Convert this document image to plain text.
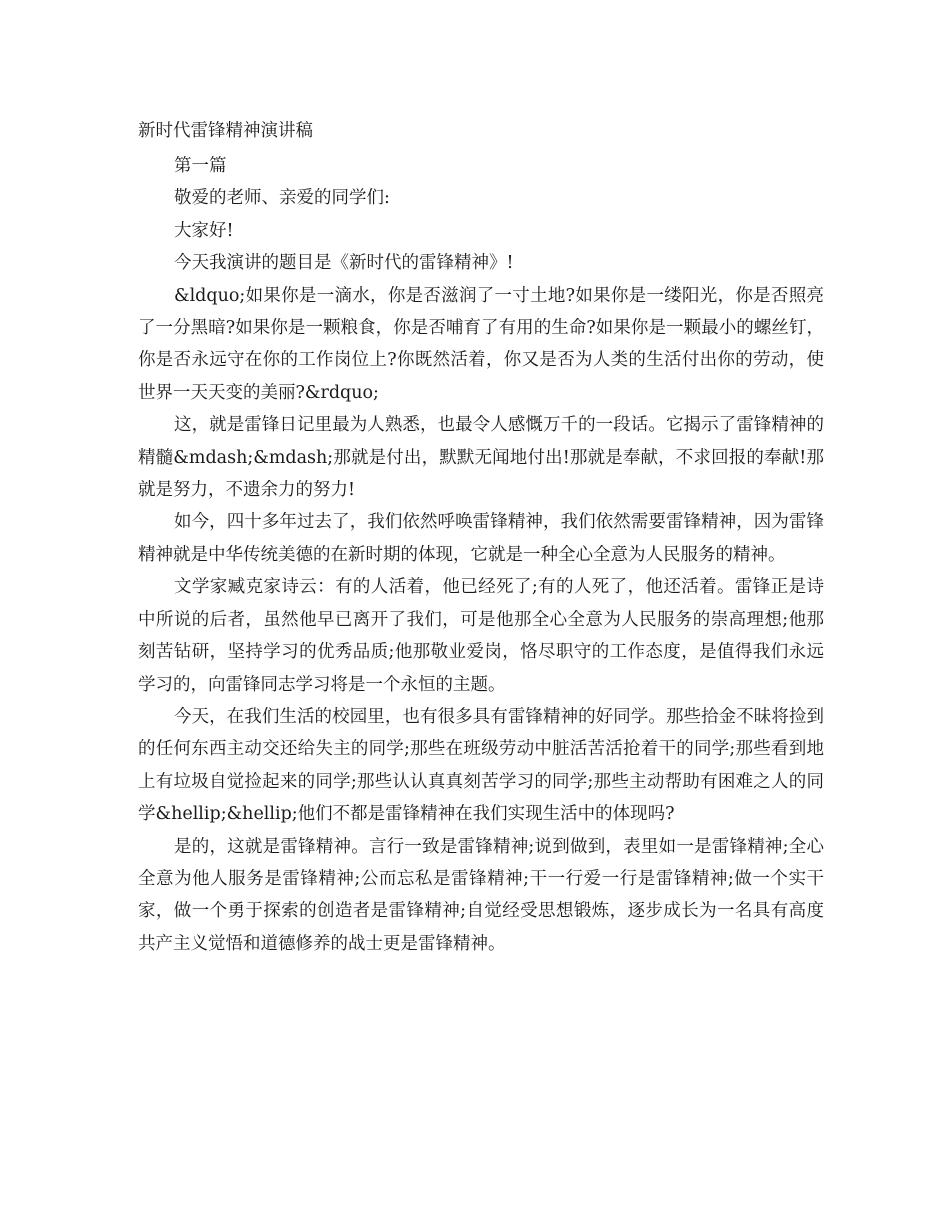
新时代雷锋精神演讲稿

第一篇

敬爱的老师、亲爱的同学们:

大家好!

今天我演讲的题目是《新时代的雷锋精神》!

&ldquo;如果你是一滴水，你是否滋润了一寸土地?如果你是一缕阳光，你是否照亮了一分黑暗?如果你是一颗粮食，你是否哺育了有用的生命?如果你是一颗最小的螺丝钉，你是否永远守在你的工作岗位上?你既然活着，你又是否为人类的生活付出你的劳动，使世界一天天变的美丽?&rdquo;

这，就是雷锋日记里最为人熟悉，也最令人感慨万千的一段话。它揭示了雷锋精神的精髓&mdash;&mdash;那就是付出，默默无闻地付出!那就是奉献，不求回报的奉献!那就是努力，不遗余力的努力!

如今，四十多年过去了，我们依然呼唤雷锋精神，我们依然需要雷锋精神，因为雷锋精神就是中华传统美德的在新时期的体现，它就是一种全心全意为人民服务的精神。

文学家臧克家诗云：有的人活着，他已经死了;有的人死了，他还活着。雷锋正是诗中所说的后者，虽然他早已离开了我们，可是他那全心全意为人民服务的崇高理想;他那刻苦钻研，坚持学习的优秀品质;他那敬业爱岗，恪尽职守的工作态度，是值得我们永远学习的，向雷锋同志学习将是一个永恒的主题。

今天，在我们生活的校园里，也有很多具有雷锋精神的好同学。那些拾金不昧将捡到的任何东西主动交还给失主的同学;那些在班级劳动中脏活苦活抢着干的同学;那些看到地上有垃圾自觉捡起来的同学;那些认认真真刻苦学习的同学;那些主动帮助有困难之人的同学&hellip;&hellip;他们不都是雷锋精神在我们实现生活中的体现吗?

是的，这就是雷锋精神。言行一致是雷锋精神;说到做到，表里如一是雷锋精神;全心全意为他人服务是雷锋精神;公而忘私是雷锋精神;干一行爱一行是雷锋精神;做一个实干家，做一个勇于探索的创造者是雷锋精神;自觉经受思想锻炼，逐步成长为一名具有高度共产主义觉悟和道德修养的战士更是雷锋精神。
